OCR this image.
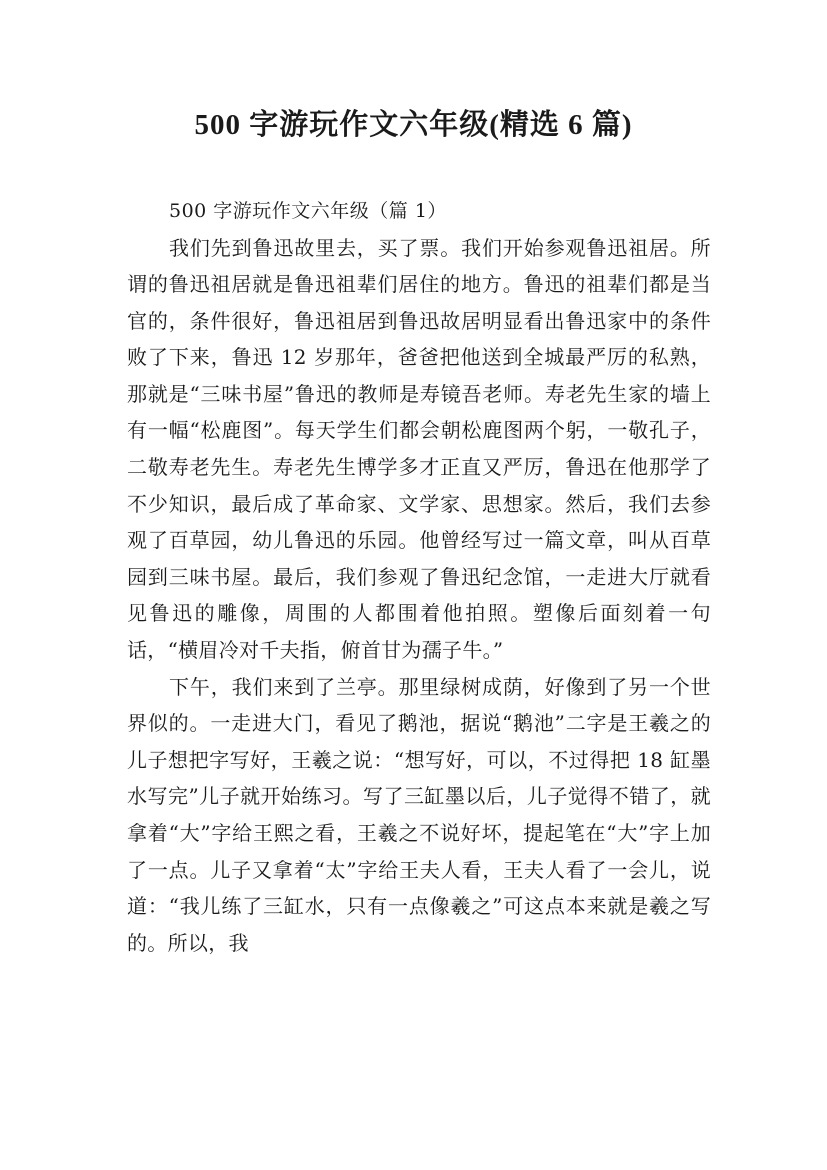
500 字游玩作文六年级(精选 6 篇)
500 字游玩作文六年级（篇 1）

我们先到鲁迅故里去，买了票。我们开始参观鲁迅祖居。所谓的鲁迅祖居就是鲁迅祖辈们居住的地方。鲁迅的祖辈们都是当官的，条件很好，鲁迅祖居到鲁迅故居明显看出鲁迅家中的条件败了下来，鲁迅 12 岁那年，爸爸把他送到全城最严厉的私熟，那就是“三味书屋”鲁迅的教师是寿镜吾老师。寿老先生家的墙上有一幅“松鹿图”。每天学生们都会朝松鹿图两个躬，一敬孔子，二敬寿老先生。寿老先生博学多才正直又严厉，鲁迅在他那学了不少知识，最后成了革命家、文学家、思想家。然后，我们去参观了百草园，幼儿鲁迅的乐园。他曾经写过一篇文章，叫从百草园到三味书屋。最后，我们参观了鲁迅纪念馆，一走进大厅就看见鲁迅的雕像，周围的人都围着他拍照。塑像后面刻着一句话，“横眉冷对千夫指，俯首甘为孺子牛。”

下午，我们来到了兰亭。那里绿树成荫，好像到了另一个世界似的。一走进大门，看见了鹅池，据说“鹅池”二字是王羲之的儿子想把字写好，王羲之说：“想写好，可以，不过得把 18 缸墨水写完”儿子就开始练习。写了三缸墨以后，儿子觉得不错了，就拿着“大”字给王熙之看，王羲之不说好坏，提起笔在“大”字上加了一点。儿子又拿着“太”字给王夫人看，王夫人看了一会儿，说道：“我儿练了三缸水，只有一点像羲之”可这点本来就是羲之写的。所以，我
